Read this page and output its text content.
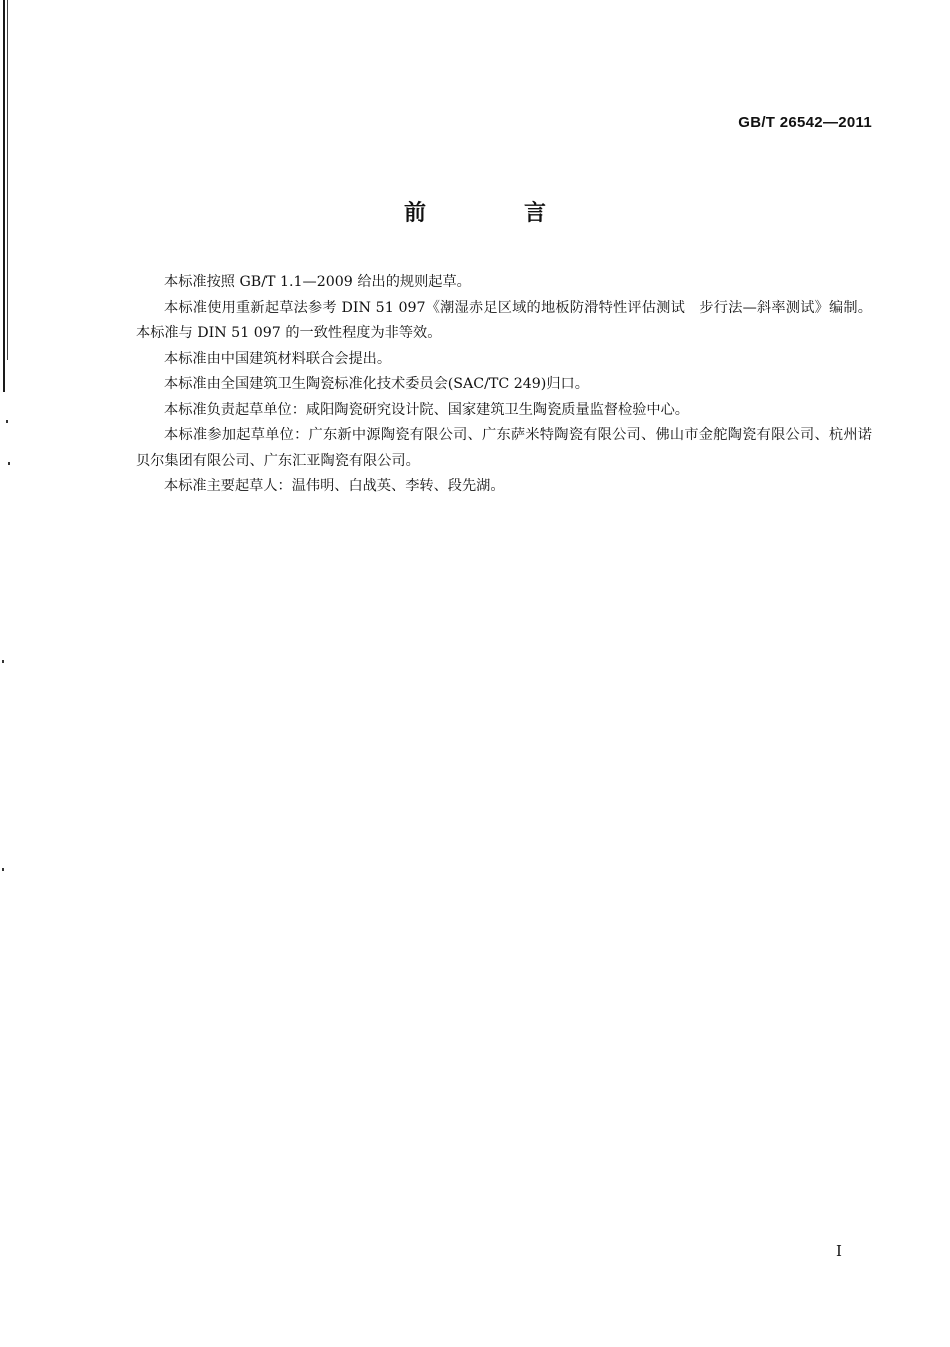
GB/T 26542—2011
前　言

本标准按照 GB/T 1.1—2009 给出的规则起草。

本标准使用重新起草法参考 DIN 51 097《潮湿赤足区域的地板防滑特性评估测试　步行法—斜率测试》编制。本标准与 DIN 51 097 的一致性程度为非等效。

本标准由中国建筑材料联合会提出。

本标准由全国建筑卫生陶瓷标准化技术委员会(SAC/TC 249)归口。

本标准负责起草单位：咸阳陶瓷研究设计院、国家建筑卫生陶瓷质量监督检验中心。

本标准参加起草单位：广东新中源陶瓷有限公司、广东萨米特陶瓷有限公司、佛山市金舵陶瓷有限公司、杭州诺贝尔集团有限公司、广东汇亚陶瓷有限公司。

本标准主要起草人：温伟明、白战英、李转、段先湖。

I
